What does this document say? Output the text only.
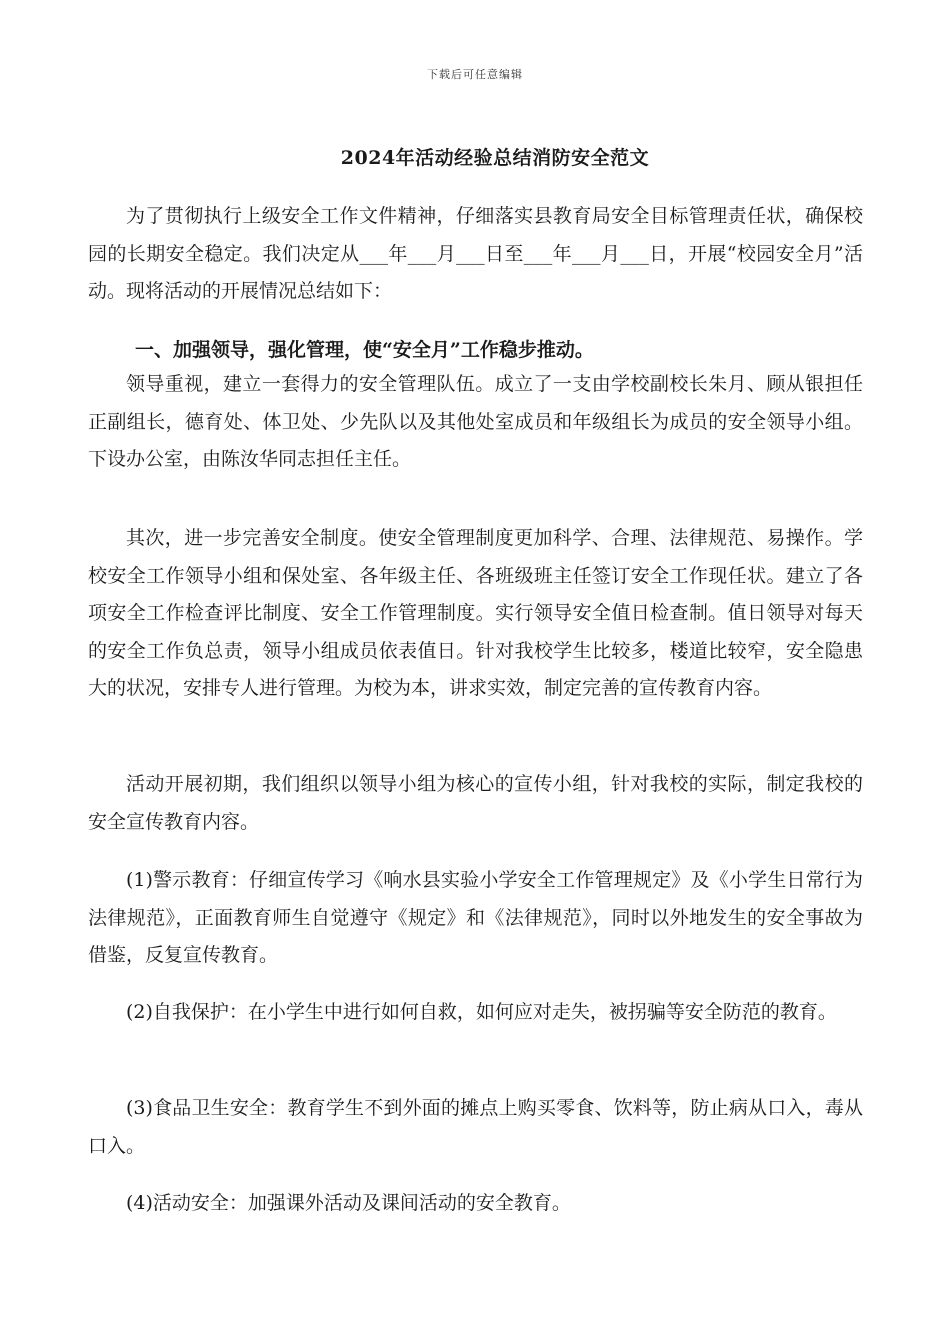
下载后可任意编辑
2024年活动经验总结消防安全范文

为了贯彻执行上级安全工作文件精神，仔细落实县教育局安全目标管理责任状，确保校园的长期安全稳定。我们决定从___年___月___日至___年___月___日，开展“校园安全月”活动。现将活动的开展情况总结如下：

一、加强领导，强化管理，使“安全月”工作稳步推动。

领导重视，建立一套得力的安全管理队伍。成立了一支由学校副校长朱月、顾从银担任正副组长，德育处、体卫处、少先队以及其他处室成员和年级组长为成员的安全领导小组。下设办公室，由陈汝华同志担任主任。

其次，进一步完善安全制度。使安全管理制度更加科学、合理、法律规范、易操作。学校安全工作领导小组和保处室、各年级主任、各班级班主任签订安全工作现任状。建立了各项安全工作检查评比制度、安全工作管理制度。实行领导安全值日检查制。值日领导对每天的安全工作负总责，领导小组成员依表值日。针对我校学生比较多，楼道比较窄，安全隐患大的状况，安排专人进行管理。为校为本，讲求实效，制定完善的宣传教育内容。

活动开展初期，我们组织以领导小组为核心的宣传小组，针对我校的实际，制定我校的安全宣传教育内容。

(1)警示教育：仔细宣传学习《响水县实验小学安全工作管理规定》及《小学生日常行为法律规范》，正面教育师生自觉遵守《规定》和《法律规范》，同时以外地发生的安全事故为借鉴，反复宣传教育。

(2)自我保护：在小学生中进行如何自救，如何应对走失，被拐骗等安全防范的教育。

(3)食品卫生安全：教育学生不到外面的摊点上购买零食、饮料等，防止病从口入，毒从口入。

(4)活动安全：加强课外活动及课间活动的安全教育。
